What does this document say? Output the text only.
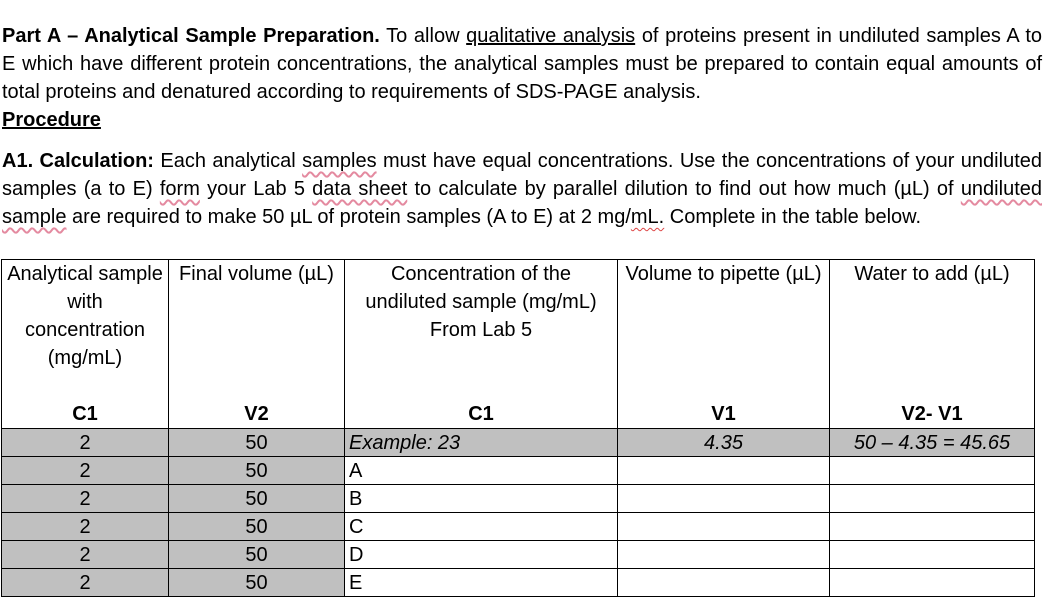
Part A – Analytical Sample Preparation. To allow qualitative analysis of proteins present in undiluted samples A to E which have different protein concentrations, the analytical samples must be prepared to contain equal amounts of total proteins and denatured according to requirements of SDS-PAGE analysis.
Procedure
A1. Calculation: Each analytical samples must have equal concentrations. Use the concentrations of your undiluted samples (a to E) form your Lab 5 data sheet to calculate by parallel dilution to find out how much (µL) of undiluted sample are required to make 50 µL of protein samples (A to E) at 2 mg/mL. Complete in the table below.
Analytical sample with concentration (mg/mL)	Final volume (µL)	Concentration of the undiluted sample (mg/mL) From Lab 5	Volume to pipette (µL)	Water to add (µL)
C1	V2	C1	V1	V2- V1
2	50	Example: 23	4.35	50 – 4.35 = 45.65
2	50	A		
2	50	B		
2	50	C		
2	50	D		
2	50	E		
